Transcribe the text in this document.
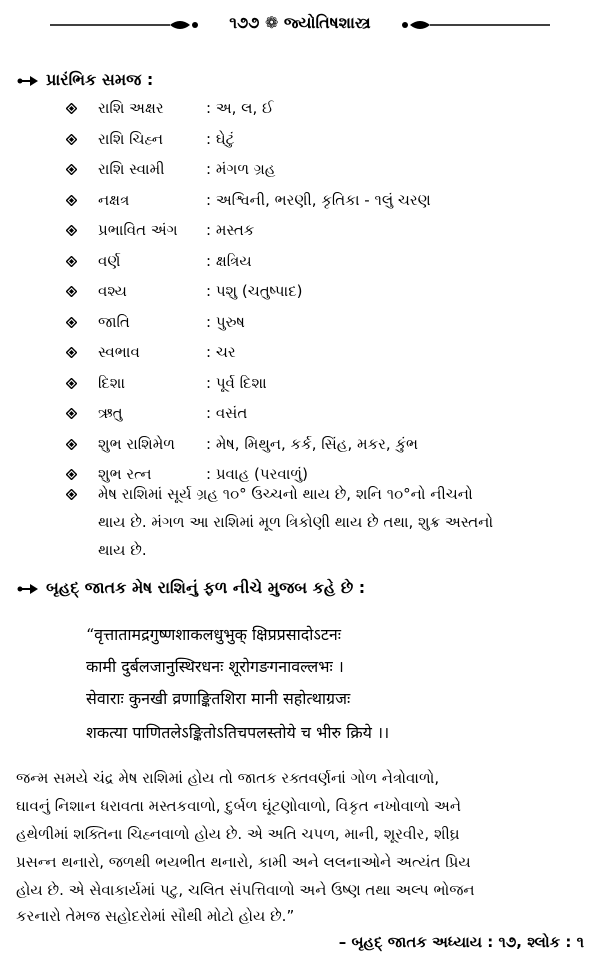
૧૭૭ ❁ જ્યોતિષશાસ્ત્ર
પ્રારંભિક સમજ :
રાશિ અક્ષર	: અ, લ, ઈ
રાશિ ચિહ્ન	: ઘેટું
રાશિ સ્વામી	: મંગળ ગ્રહ
નક્ષત્ર	: અશ્વિની, ભરણી, કૃતિકા - ૧લું ચરણ
પ્રભાવિત અંગ : મસ્તક
વર્ણ	: ક્ષત્રિય
વશ્ય	: પશુ (ચતુષ્પાદ)
જાતિ	: પુરુષ
સ્વભાવ	: ચર
દિશા	: પૂર્વ દિશા
ઋતુ	: વસંત
શુભ રાશિમેળ : મેષ, મિથુન, કર્ક, સિંહ, મકર, કુંભ
શુભ રત્ન	: પ્રવાહ (પરવાળું)
મેષ રાશિમાં સૂર્ય ગ્રહ ૧૦° ઉચ્ચનો થાય છે, શનિ ૧૦°નો નીચનો
થાય છે. મંગળ આ રાશિમાં મૂળ ત્રિકોણી થાય છે તથા, શુક્ર અસ્તનો
થાય છે.
બૃહદ્ જાતક મેષ રાશિનું ફળ નીચે મુજબ કહે છે :
“वृत्तातामद्रगुष्णशाकलधुभुक् क्षिप्रप्रसादोऽटनः
कामी दुर्बलजानुस्थिरधनः शूरोगङगनावल्लभः ।
सेवाराः कुनखी व्रणाङ्कितशिरा मानी सहोत्थाग्रजः
शकत्या पाणितलेऽङ्कितोऽतिचपलस्तोये च भीरु क्रिये ।।
જન્મ સમયે ચંદ્ર મેષ રાશિમાં હોય તો જાતક રક્તવર્ણનાં ગોળ નેત્રોવાળો,
ઘાવનું નિશાન ધરાવતા મસ્તકવાળો, દુર્બળ ઘૂંટણોવાળો, વિકૃત નખોવાળો અને
હથેળીમાં શક્તિના ચિહ્નવાળો હોય છે. એ અતિ ચપળ, માની, શૂરવીર, શીઘ્ર
પ્રસન્ન થનારો, જળથી ભયભીત થનારો, કામી અને લલનાઓને અત્યંત પ્રિય
હોય છે. એ સેવાકાર્યમાં પટુ, ચલિત સંપત્તિવાળો અને ઉષ્ણ તથા અલ્પ ભોજન
કરનારો તેમજ સહોદરોમાં સૌથી મોટો હોય છે.”
– બૃહદ્ જાતક અધ્યાય : ૧૭, શ્લોક : ૧
